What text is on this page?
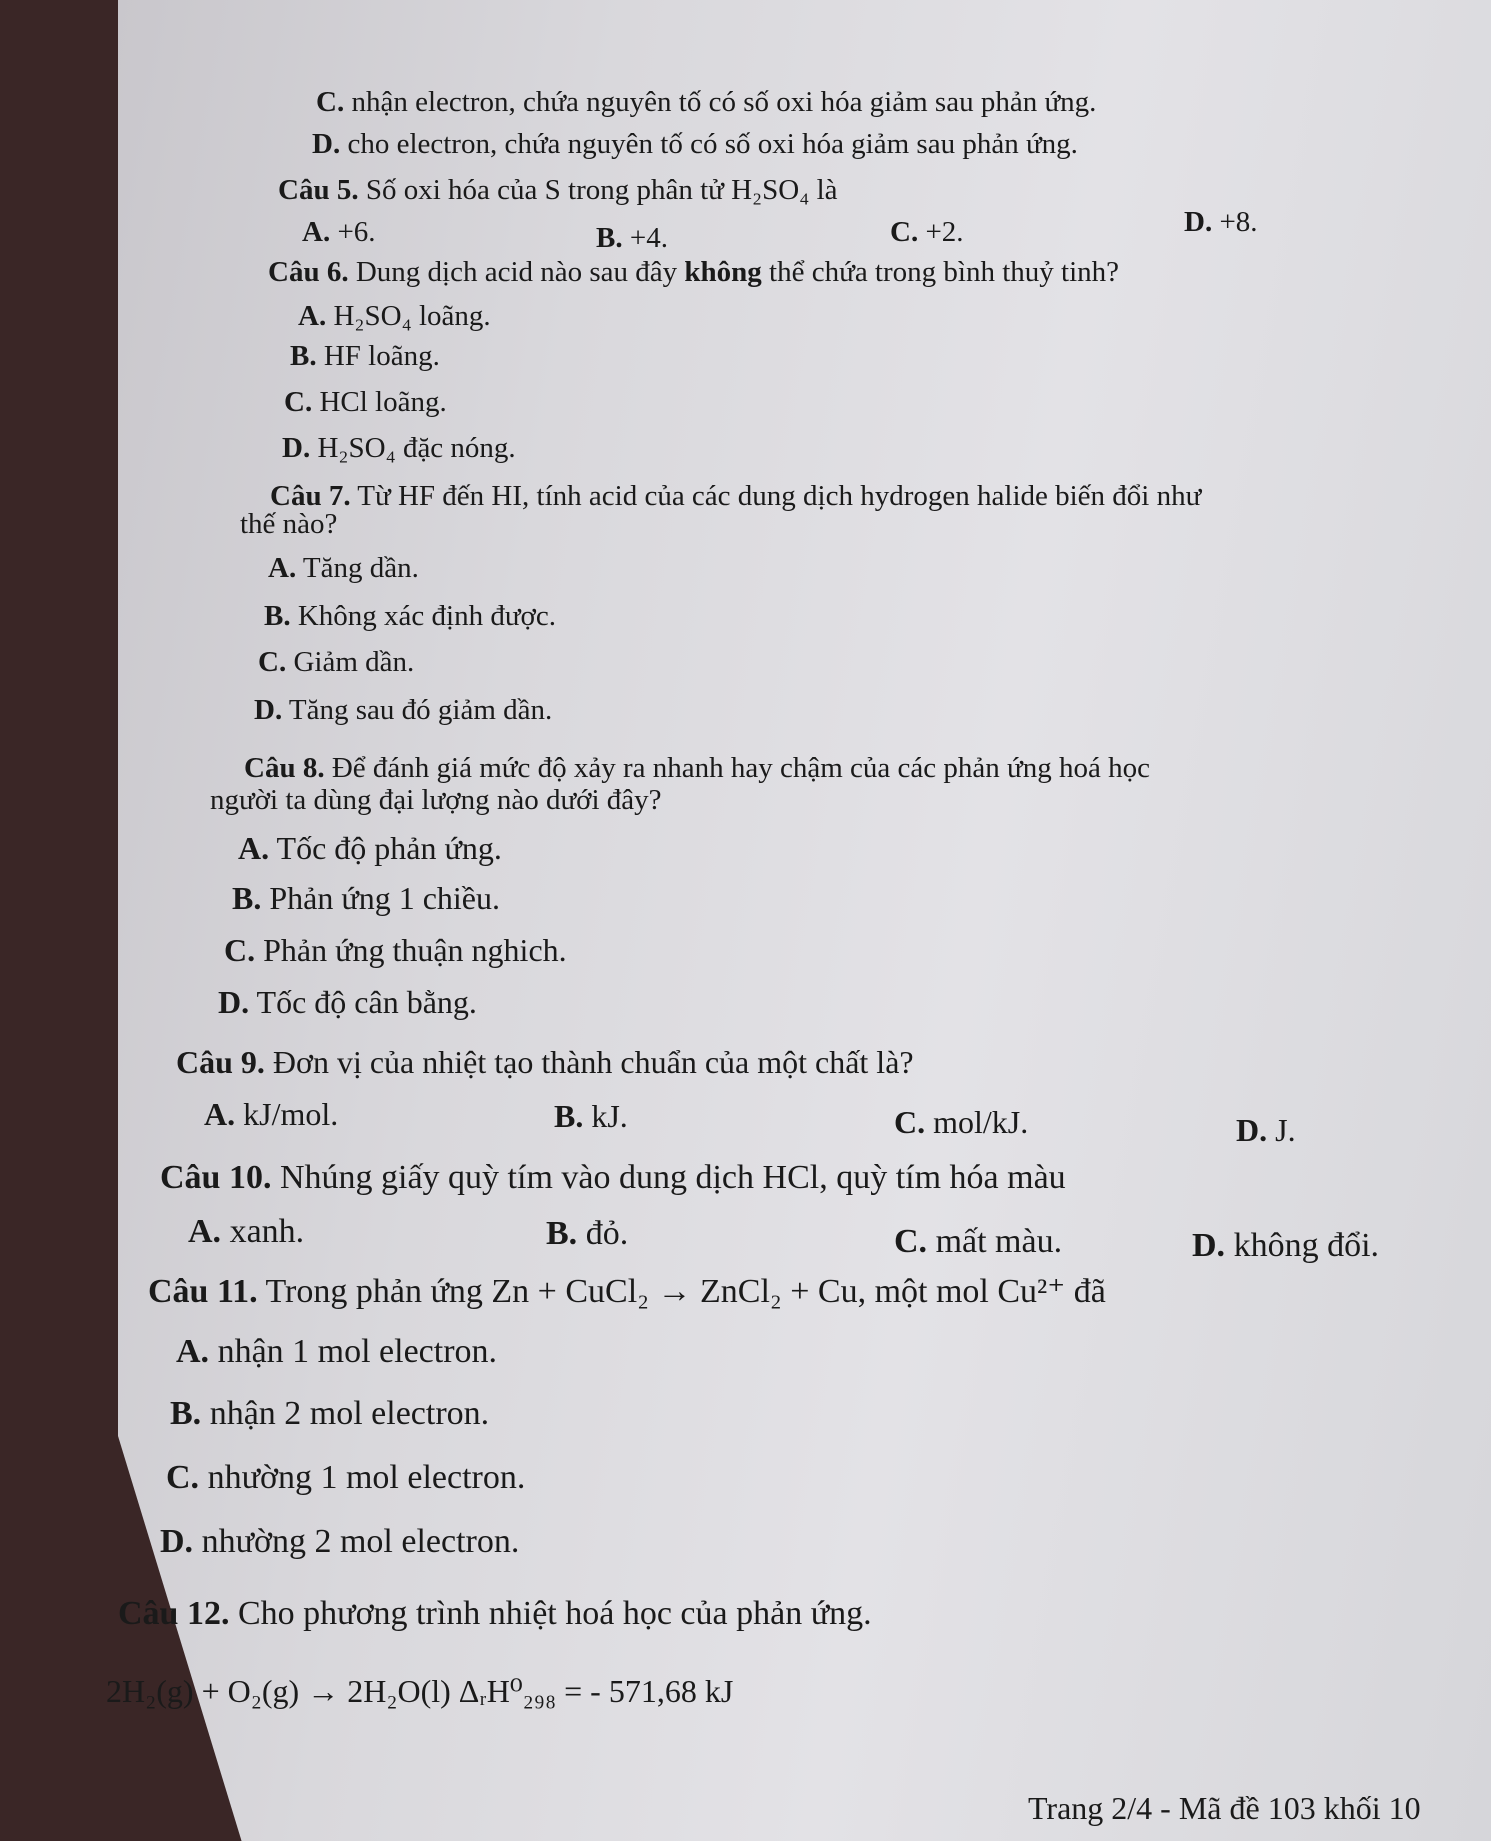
C. nhận electron, chứa nguyên tố có số oxi hóa giảm sau phản ứng.
D. cho electron, chứa nguyên tố có số oxi hóa giảm sau phản ứng.
Câu 5. Số oxi hóa của S trong phân tử H₂SO₄ là
A. +6.	B. +4.	C. +2.	D. +8.
Câu 6. Dung dịch acid nào sau đây không thể chứa trong bình thuỷ tinh?
A. H₂SO₄ loãng.
B. HF loãng.
C. HCl loãng.
D. H₂SO₄ đặc nóng.
Câu 7. Từ HF đến HI, tính acid của các dung dịch hydrogen halide biến đổi như
thế nào?
A. Tăng dần.
B. Không xác định được.
C. Giảm dần.
D. Tăng sau đó giảm dần.
Câu 8. Để đánh giá mức độ xảy ra nhanh hay chậm của các phản ứng hoá học
người ta dùng đại lượng nào dưới đây?
A. Tốc độ phản ứng.
B. Phản ứng 1 chiều.
C. Phản ứng thuận nghich.
D. Tốc độ cân bằng.
Câu 9. Đơn vị của nhiệt tạo thành chuẩn của một chất là?
A. kJ/mol.	B. kJ.	C. mol/kJ.	D. J.
Câu 10. Nhúng giấy quỳ tím vào dung dịch HCl, quỳ tím hóa màu
A. xanh.	B. đỏ.	C. mất màu.	D. không đổi.
Câu 11. Trong phản ứng Zn + CuCl₂ → ZnCl₂ + Cu, một mol Cu²⁺ đã
A. nhận 1 mol electron.
B. nhận 2 mol electron.
C. nhường 1 mol electron.
D. nhường 2 mol electron.
Câu 12. Cho phương trình nhiệt hoá học của phản ứng.
2H₂(g) + O₂(g) → 2H₂O(l) ΔᵣH⁰₂₉₈ = - 571,68 kJ
Trang 2/4 - Mã đề 103 khối 10
